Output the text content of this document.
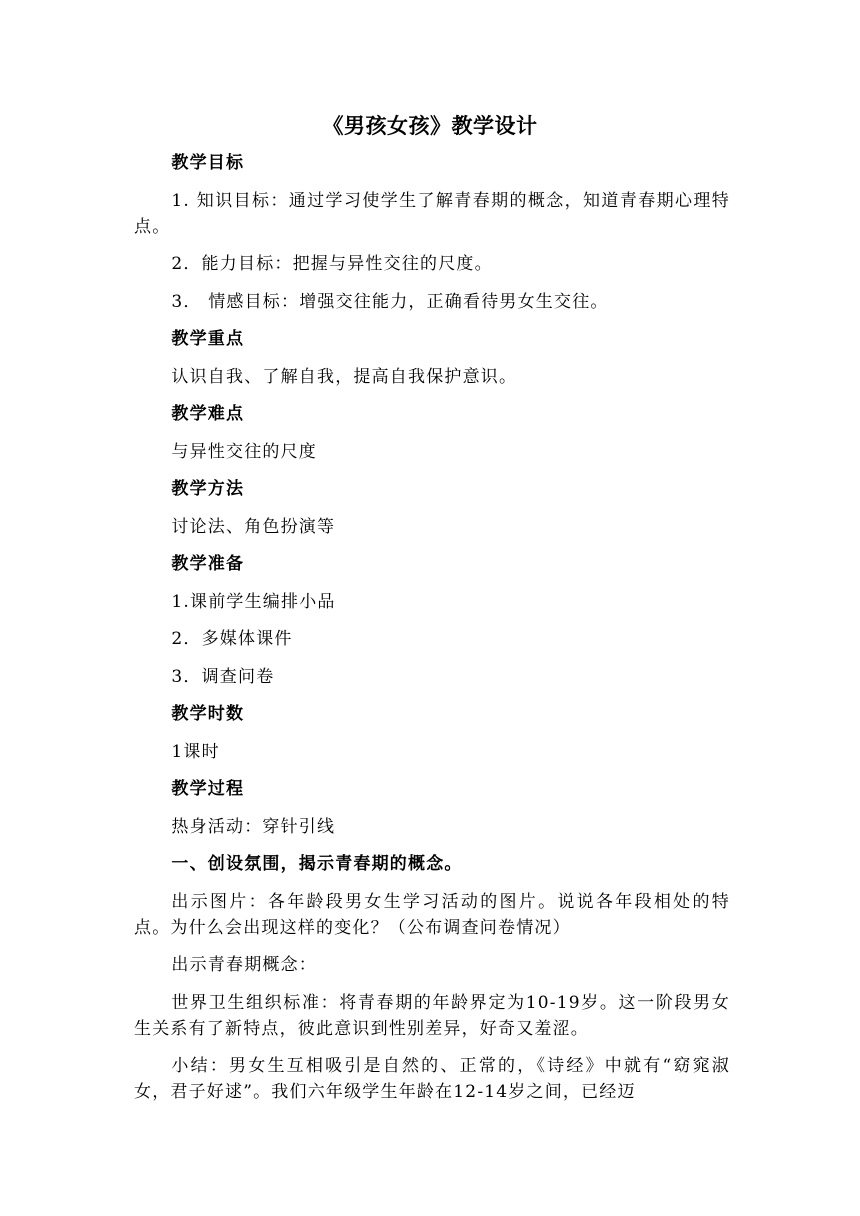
《男孩女孩》教学设计
教学目标
1. 知识目标：通过学习使学生了解青春期的概念，知道青春期心理特点。
2．能力目标：把握与异性交往的尺度。
3． 情感目标：增强交往能力，正确看待男女生交往。
教学重点
认识自我、了解自我，提高自我保护意识。
教学难点
与异性交往的尺度
教学方法
讨论法、角色扮演等
教学准备
1.课前学生编排小品
2．多媒体课件
3．调查问卷
教学时数
1课时
教学过程
热身活动：穿针引线
一、创设氛围，揭示青春期的概念。
出示图片：各年龄段男女生学习活动的图片。说说各年段相处的特点。为什么会出现这样的变化？（公布调查问卷情况）
出示青春期概念：
世界卫生组织标准：将青春期的年龄界定为10-19岁。这一阶段男女生关系有了新特点，彼此意识到性别差异，好奇又羞涩。
小结：男女生互相吸引是自然的、正常的，《诗经》中就有“窈窕淑女，君子好逑”。我们六年级学生年龄在12-14岁之间，已经迈
